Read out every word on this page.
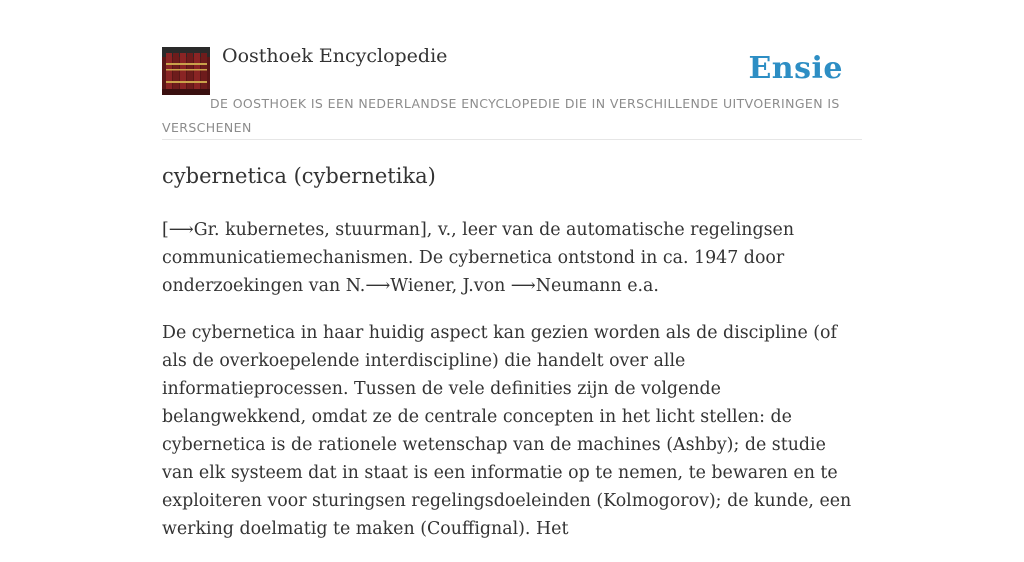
Oosthoek Encyclopedie	Ensie
DE OOSTHOEK IS EEN NEDERLANDSE ENCYCLOPEDIE DIE IN VERSCHILLENDE UITVOERINGEN IS VERSCHENEN
cybernetica (cybernetika)

[⟶Gr. kubernetes, stuurman], v., leer van de automatische regelingsen communicatiemechanismen. De cybernetica ontstond in ca. 1947 door onderzoekingen van N.⟶Wiener, J.von ⟶Neumann e.a.

De cybernetica in haar huidig aspect kan gezien worden als de discipline (of als de overkoepelende interdiscipline) die handelt over alle informatieprocessen. Tussen de vele definities zijn de volgende belangwekkend, omdat ze de centrale concepten in het licht stellen: de cybernetica is de rationele wetenschap van de machines (Ashby); de studie van elk systeem dat in staat is een informatie op te nemen, te bewaren en te exploiteren voor sturingsen regelingsdoeleinden (Kolmogorov); de kunde, een werking doelmatig te maken (Couffignal). Het
